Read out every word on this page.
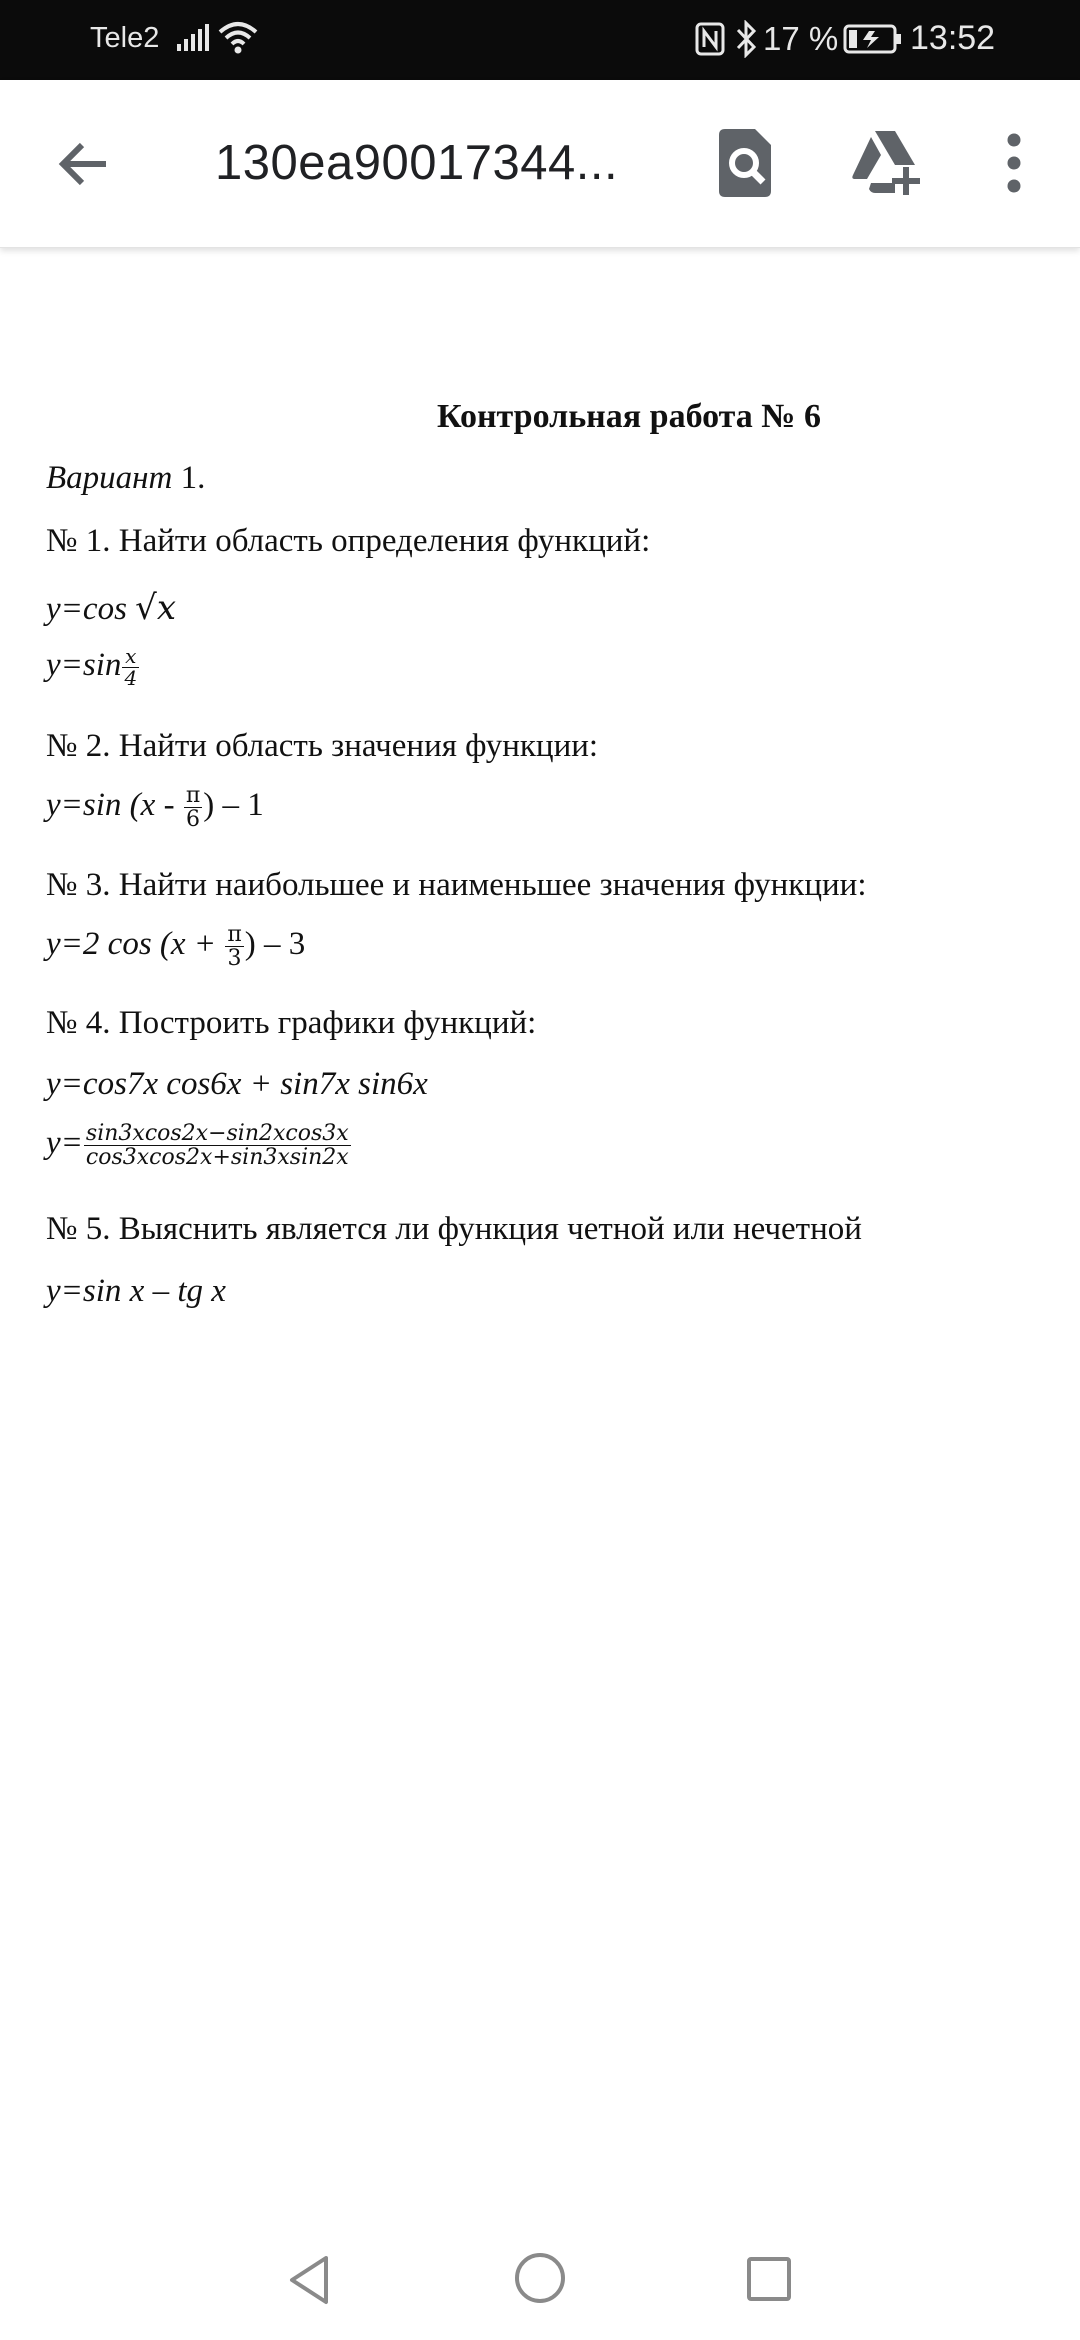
Tele2	17 % 13:52
130ea90017344...
Контрольная работа № 6
Вариант 1.
№ 1. Найти область определения функций:
y=cos √x
$y=\sin \frac{x}{4}$
№ 2. Найти область значения функции:
y=sin ($x - \frac{\pi}{6}$ ) – 1
№ 3. Найти наибольшее и наименьшее значения функции:
y=2 $\cos (x + \frac{\pi}{3}$ ) – 3
№ 4. Построить графики функций:
y=cos7x cos6x + sin7x sin6x
$y= \frac{\sin 3xcos2x-\sin 2xcos3x}{\cos 3xcos2x+\sin 3xsin2x}$
№ 5. Выяснить является ли функция четной или нечетной
y=sin x – tg x
